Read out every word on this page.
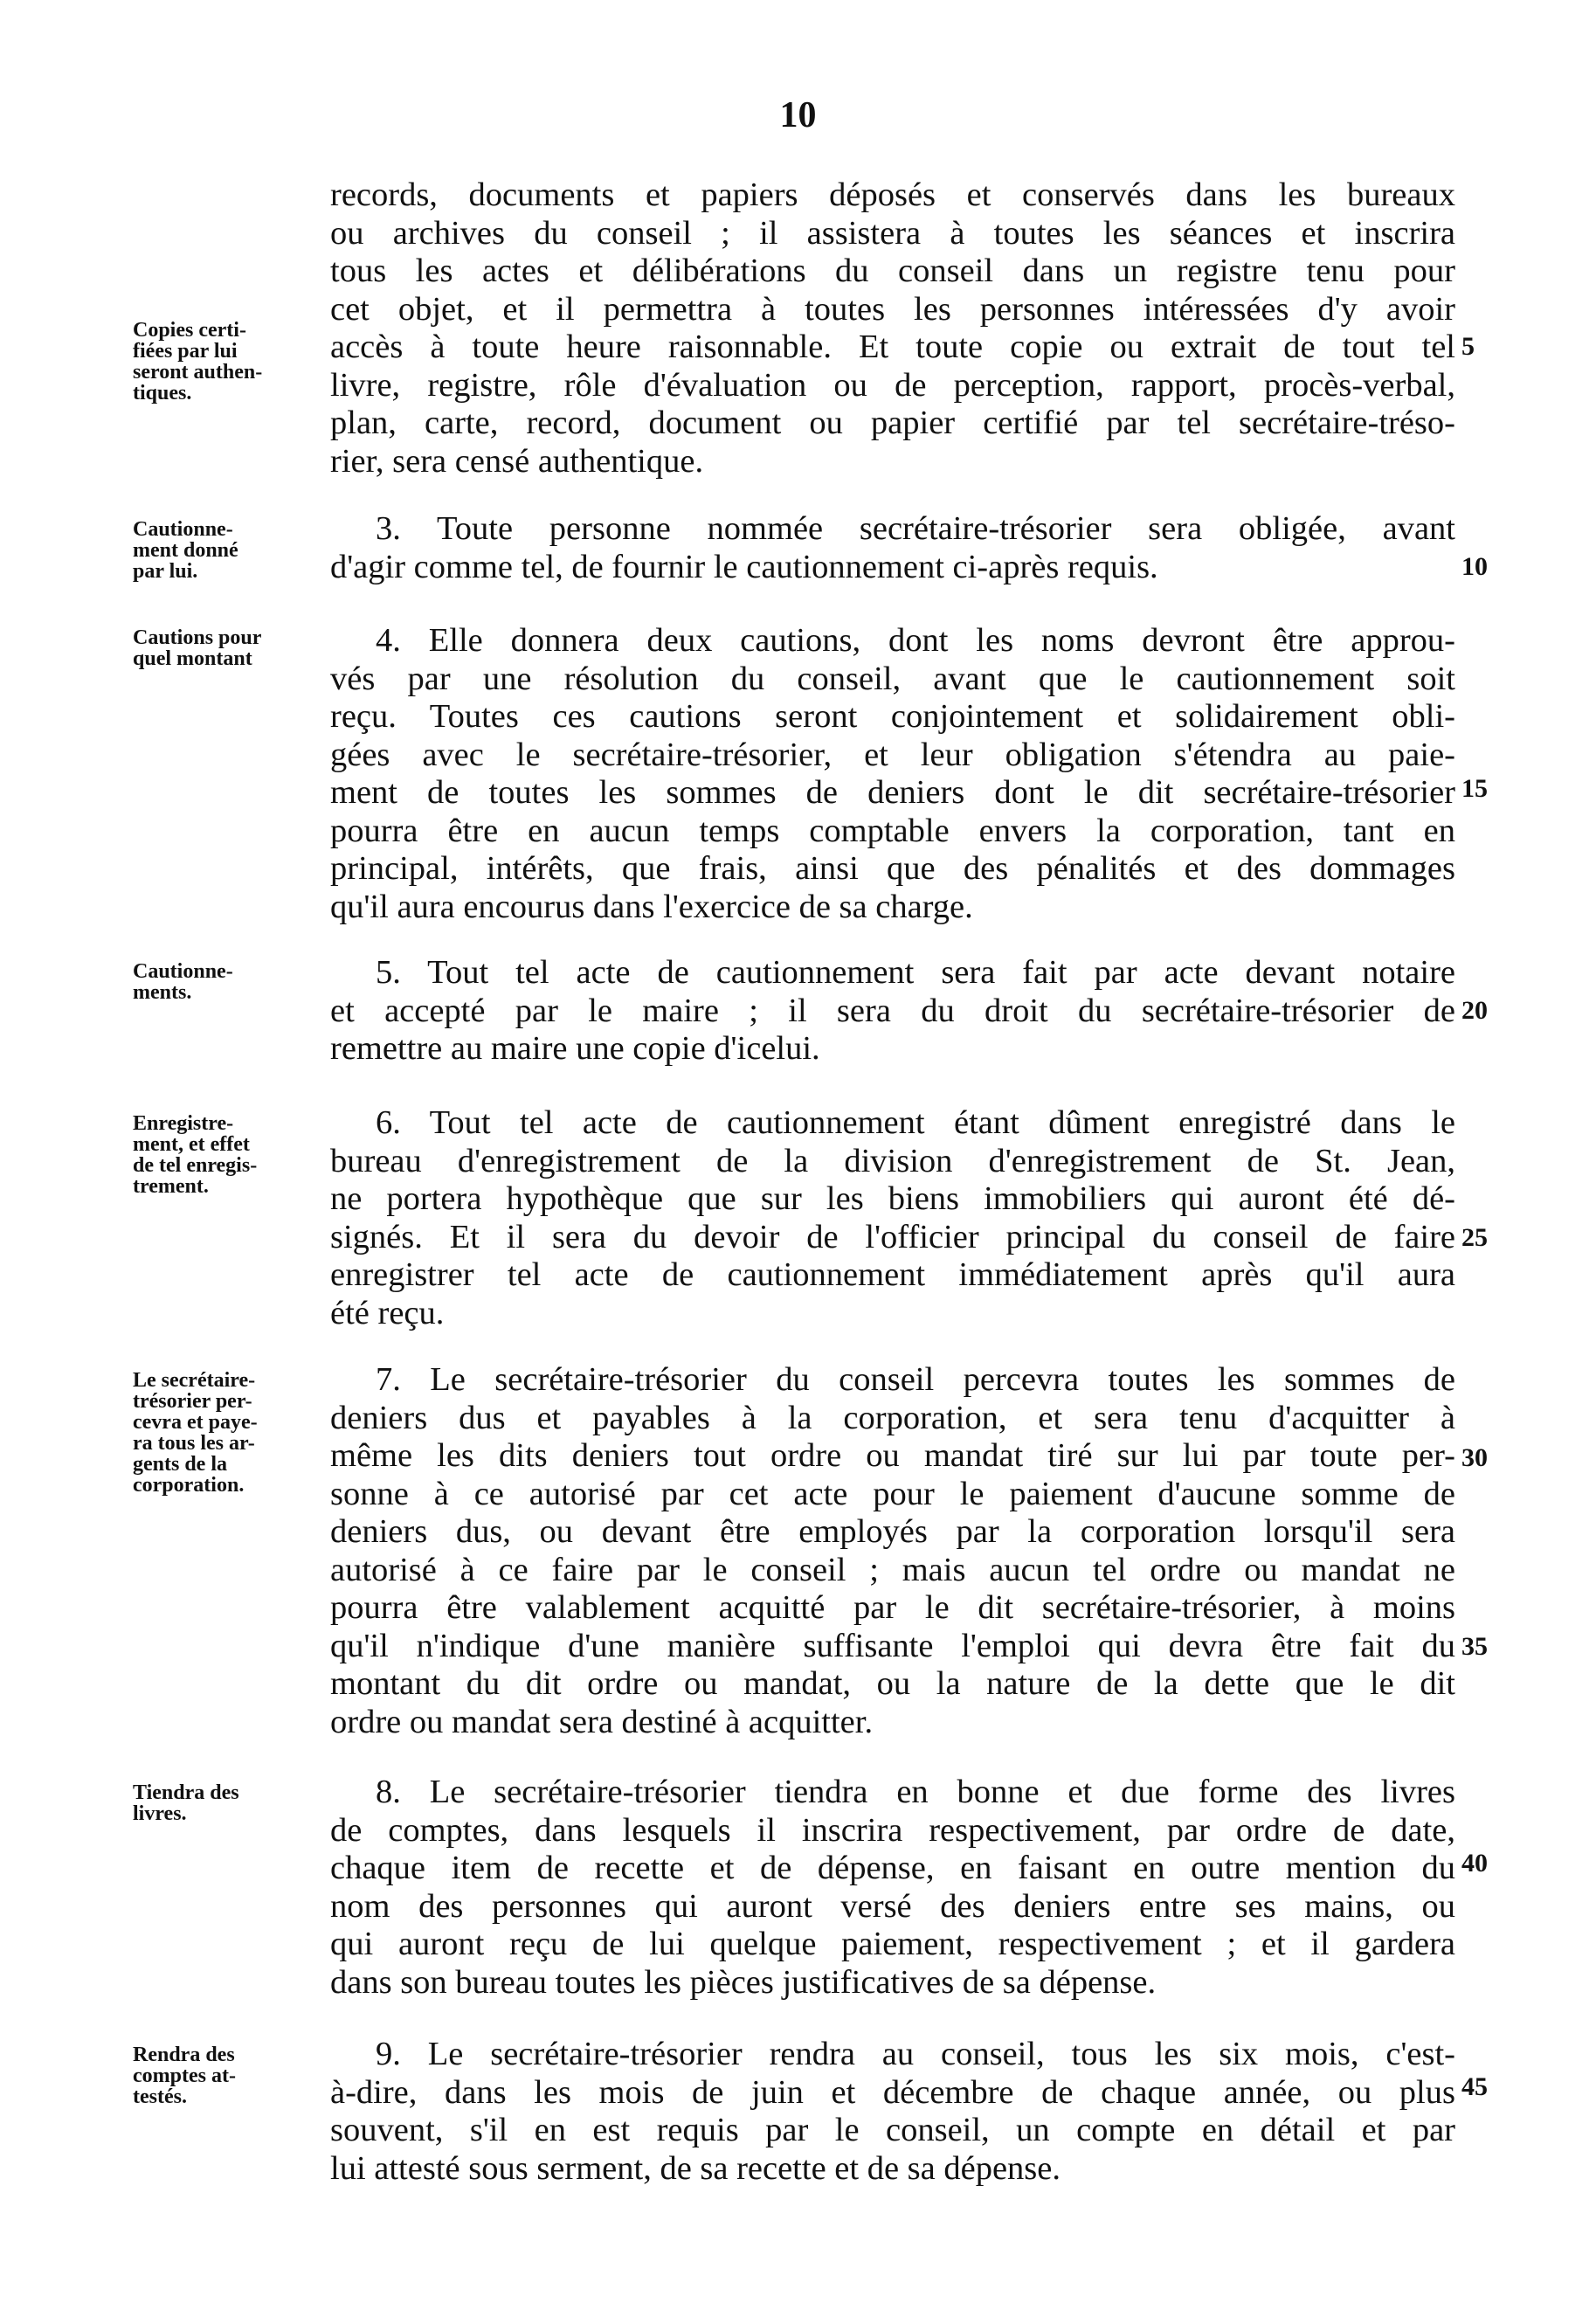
10
Copies certi-
fiées par lui
seront authen-
tiques.
records, documents et papiers déposés et conservés dans les bureaux
ou archives du conseil ; il assistera à toutes les séances et inscrira
tous les actes et délibérations du conseil dans un registre tenu pour
cet objet, et il permettra à toutes les personnes intéressées d'y avoir
accès à toute heure raisonnable. Et toute copie ou extrait de tout tel
livre, registre, rôle d'évaluation ou de perception, rapport, procès-verbal,
plan, carte, record, document ou papier certifié par tel secrétaire-tréso-
rier, sera censé authentique.
Cautionne-
ment donné
par lui.
3. Toute personne nommée secrétaire-trésorier sera obligée, avant
d'agir comme tel, de fournir le cautionnement ci-après requis.
Cautions pour
quel montant	4. Elle donnera deux cautions, dont les noms devront être approu-
vés par une résolution du conseil, avant que le cautionnement soit
reçu. Toutes ces cautions seront conjointement et solidairement obli-
gées avec le secrétaire-trésorier, et leur obligation s'étendra au paie-
ment de toutes les sommes de deniers dont le dit secrétaire-trésorier
pourra être en aucun temps comptable envers la corporation, tant en
principal, intérêts, que frais, ainsi que des pénalités et des dommages
qu'il aura encourus dans l'exercice de sa charge.
Cautionne-
ments.
5. Tout tel acte de cautionnement sera fait par acte devant notaire
et accepté par le maire ; il sera du droit du secrétaire-trésorier de
remettre au maire une copie d'icelui.
Enregistre-
ment, et effet
de tel enregis-
trement.
6. Tout tel acte de cautionnement étant dûment enregistré dans le
bureau d'enregistrement de la division d'enregistrement de St. Jean,
ne portera hypothèque que sur les biens immobiliers qui auront été dé-
signés. Et il sera du devoir de l'officier principal du conseil de faire
enregistrer tel acte de cautionnement immédiatement après qu'il aura
été reçu.
Le secrétaire-
trésorier per-
cevra et paye-
ra tous les ar-
gents de la
corporation.
7. Le secrétaire-trésorier du conseil percevra toutes les sommes de
deniers dus et payables à la corporation, et sera tenu d'acquitter à
même les dits deniers tout ordre ou mandat tiré sur lui par toute per-
sonne à ce autorisé par cet acte pour le paiement d'aucune somme de
deniers dus, ou devant être employés par la corporation lorsqu'il sera
autorisé à ce faire par le conseil ; mais aucun tel ordre ou mandat ne
pourra être valablement acquitté par le dit secrétaire-trésorier, à moins
qu'il n'indique d'une manière suffisante l'emploi qui devra être fait du
montant du dit ordre ou mandat, ou la nature de la dette que le dit
ordre ou mandat sera destiné à acquitter.
Tiendra des
livres.
8. Le secrétaire-trésorier tiendra en bonne et due forme des livres
de comptes, dans lesquels il inscrira respectivement, par ordre de date,
chaque item de recette et de dépense, en faisant en outre mention du
nom des personnes qui auront versé des deniers entre ses mains, ou
qui auront reçu de lui quelque paiement, respectivement ; et il gardera
dans son bureau toutes les pièces justificatives de sa dépense.
Rendra des
comptes at-
testés.
9. Le secrétaire-trésorier rendra au conseil, tous les six mois, c'est-
à-dire, dans les mois de juin et décembre de chaque année, ou plus
souvent, s'il en est requis par le conseil, un compte en détail et par
lui attesté sous serment, de sa recette et de sa dépense.
5
10
15
20
25
30
35
40
45
